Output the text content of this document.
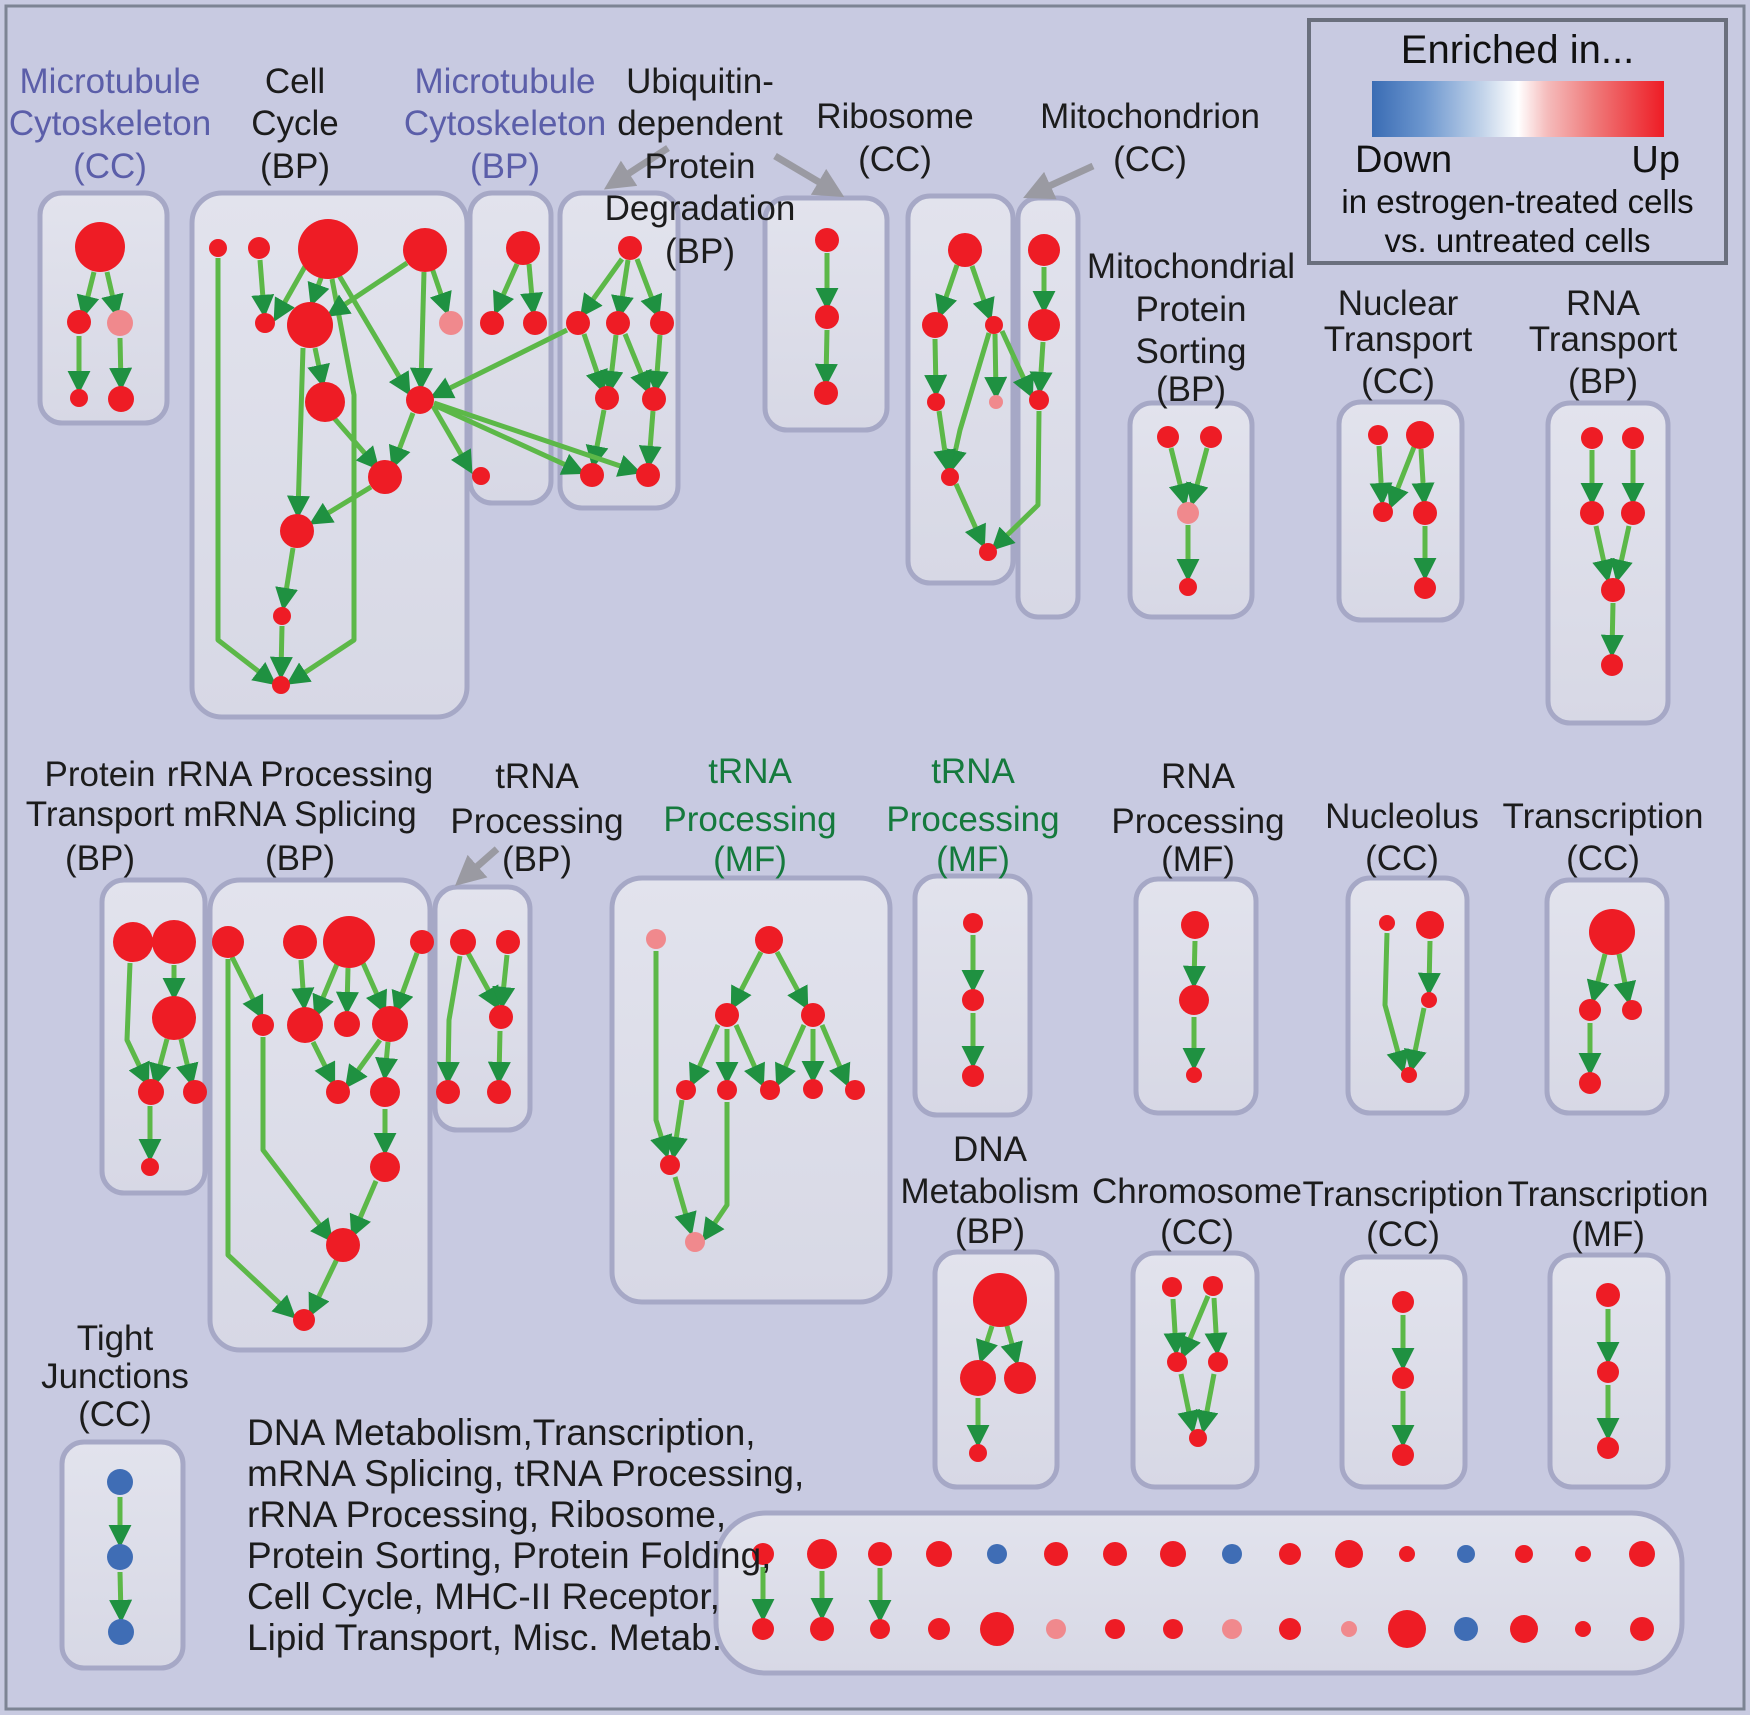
Microtubule Cytoskeleton (CC)
Cell Cycle (BP)
Microtubule Cytoskeleton (BP)
Ubiquitin-dependent Protein Degradation (BP)
Ribosome (CC)
Mitochondrion (CC)
Mitochondrial Protein Sorting (BP)
Nuclear Transport (CC)
RNA Transport (BP)
Protein Transport (BP)
rRNA Processing mRNA Splicing (BP)
tRNA Processing (BP)
tRNA Processing (MF)
tRNA Processing (MF)
RNA Processing (MF)
Nucleolus (CC)
Transcription (CC)
Tight Junctions (CC)
DNA Metabolism (BP)
Chromosome (CC)
Transcription (CC)
Transcription (MF)
DNA Metabolism,Transcription,
mRNA Splicing, tRNA Processing,
rRNA Processing, Ribosome,
Protein Sorting, Protein Folding,
Cell Cycle, MHC-II Receptor,
Lipid Transport, Misc. Metab.
Enriched in...
Down	Up
in estrogen-treated cells
vs. untreated cells
